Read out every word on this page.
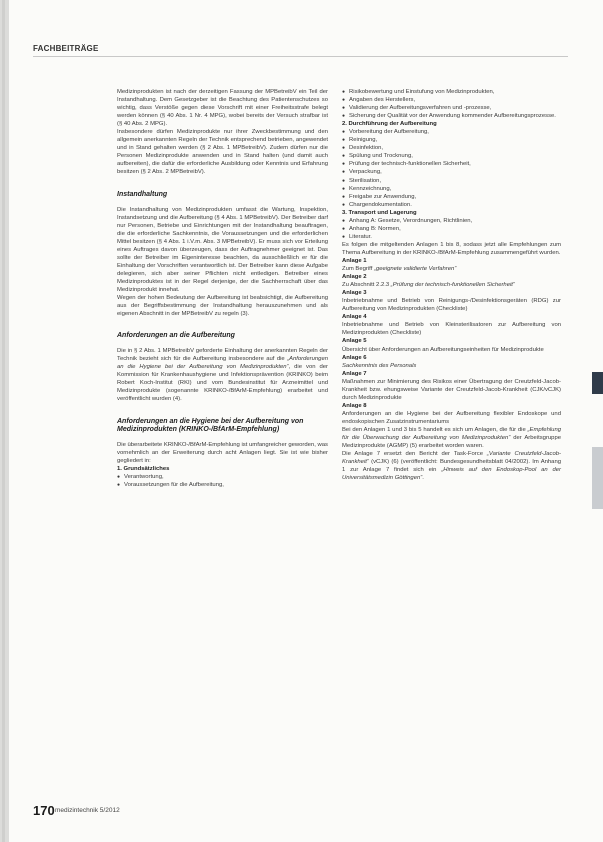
FACHBEITRÄGE

Medizinprodukten ist nach der derzeitigen Fassung der MPBetreibV ein Teil der Instandhaltung. Dem Gesetzgeber ist die Beachtung des Patientenschutzes so wichtig, dass Verstöße gegen diese Vorschrift mit einer Freiheitsstrafe belegt werden können (§ 40 Abs. 1 Nr. 4 MPG), wobei bereits der Versuch strafbar ist (§ 40 Abs. 2 MPG).

Insbesondere dürfen Medizinprodukte nur ihrer Zweckbestimmung und den allgemein anerkannten Regeln der Technik entsprechend betrieben, angewendet und in Stand gehalten werden (§ 2 Abs. 1 MPBetreibV). Zudem dürfen nur die Personen Medizinprodukte anwenden und in Stand halten (und damit auch aufbereiten), die dafür die erforderliche Ausbildung oder Kenntnis und Erfahrung besitzen (§ 2 Abs. 2 MPBetreibV).

Instandhaltung

Die Instandhaltung von Medizinprodukten umfasst die Wartung, Inspektion, Instandsetzung und die Aufbereitung (§ 4 Abs. 1 MPBetreibV). Der Betreiber darf nur Personen, Betriebe und Einrichtungen mit der Instandhaltung beauftragen, die die erforderliche Sachkenntnis, die Voraussetzungen und die erforderlichen Mittel besitzen (§ 4 Abs. 1 i.V.m. Abs. 3 MPBetreibV). Er muss sich vor Erteilung eines Auftrages davon überzeugen, dass der Auftragnehmer geeignet ist. Das sollte der Betreiber im Eigeninteresse beachten, da ausschließlich er für die Einhaltung der Vorschriften verantwortlich ist. Der Betreiber kann diese Aufgabe delegieren, sich aber seiner Pflichten nicht entledigen. Betreiber eines Medizinproduktes ist in der Regel derjenige, der die Sachherrschaft über das Medizinprodukt innehat.

Wegen der hohen Bedeutung der Aufbereitung ist beabsichtigt, die Aufbereitung aus der Begriffsbestimmung der Instandhaltung herauszunehmen und als eigenen Abschnitt in der MPBetreibV zu regeln (3).

Anforderungen an die Aufbereitung

Die in § 2 Abs. 1 MPBetreibV geforderte Einhaltung der anerkannten Regeln der Technik bezieht sich für die Aufbereitung insbesondere auf die „Anforderungen an die Hygiene bei der Aufbereitung von Medizinprodukten“, die von der Kommission für Krankenhaushygiene und Infektionsprävention (KRINKO) beim Robert Koch-Institut (RKI) und vom Bundesinstitut für Arzneimittel und Medizinprodukte (sogenannte KRINKO-/BfArM-Empfehlung) erarbeitet und veröffentlicht wurden (4).

Anforderungen an die Hygiene bei der Aufbereitung von Medizinprodukten (KRINKO-/BfArM-Empfehlung)

Die überarbeitete KRINKO-/BfArM-Empfehlung ist umfangreicher geworden, was vornehmlich an der Erweiterung durch acht Anlagen liegt. Sie ist wie bisher gegliedert in:

1. Grundsätzliches
● Verantwortung,
● Voraussetzungen für die Aufbereitung,
● Risikobewertung und Einstufung von Medizinprodukten,
● Angaben des Herstellers,
● Validierung der Aufbereitungsverfahren und -prozesse,
● Sicherung der Qualität vor der Anwendung kommender Aufbereitungsprozesse.
2. Durchführung der Aufbereitung
● Vorbereitung der Aufbereitung,
● Reinigung,
● Desinfektion,
● Spülung und Trocknung,
● Prüfung der technisch-funktionellen Sicherheit,
● Verpackung,
● Sterilisation,
● Kennzeichnung,
● Freigabe zur Anwendung,
● Chargendokumentation.
3. Transport und Lagerung
● Anhang A: Gesetze, Verordnungen, Richtlinien,
● Anhang B: Normen,
● Literatur.

Es folgen die mitgeltenden Anlagen 1 bis 8, sodass jetzt alle Empfehlungen zum Thema Aufbereitung in der KRINKO-/BfArM-Empfehlung zusammengeführt wurden.

Anlage 1

Zum Begriff „geeignete validierte Verfahren“

Anlage 2

Zu Abschnitt 2.2.3 „Prüfung der technisch-funktionellen Sicherheit“

Anlage 3

Inbetriebnahme und Betrieb von Reinigungs-/Desinfektionsgeräten (RDG) zur Aufbereitung von Medizinprodukten (Checkliste)

Anlage 4

Inbetriebnahme und Betrieb von Kleinsterilisatoren zur Aufbereitung von Medizinprodukten (Checkliste)

Anlage 5

Übersicht über Anforderungen an Aufbereitungseinheiten für Medizinprodukte

Anlage 6

Sachkenntnis des Personals

Anlage 7

Maßnahmen zur Minimierung des Risikos einer Übertragung der Creutzfeld-Jacob-Krankheit bzw. ehungsweise Variante der Creutzfeld-Jacob-Krankheit (CJK/vCJK) durch Medizinprodukte

Anlage 8

Anforderungen an die Hygiene bei der Aufbereitung flexibler Endoskope und endoskopischen Zusatzinstrumentariums

Bei den Anlagen 1 und 3 bis 5 handelt es sich um Anlagen, die für die „Empfehlung für die Überwachung der Aufbereitung von Medizinprodukten“ der Arbeitsgruppe Medizinprodukte (AGMP) (5) erarbeitet worden waren.

Die Anlage 7 ersetzt den Bericht der Task-Force „Variante Creutzfeld-Jacob-Krankheit“ (vCJK) (6) (veröffentlicht: Bundesgesundheitsblatt 04/2002). Im Anhang 1 zur Anlage 7 findet sich ein „Hinweis auf den Endoskop-Pool an der Universitätsmedizin Göttingen“.

170 medizintechnik 5/2012
